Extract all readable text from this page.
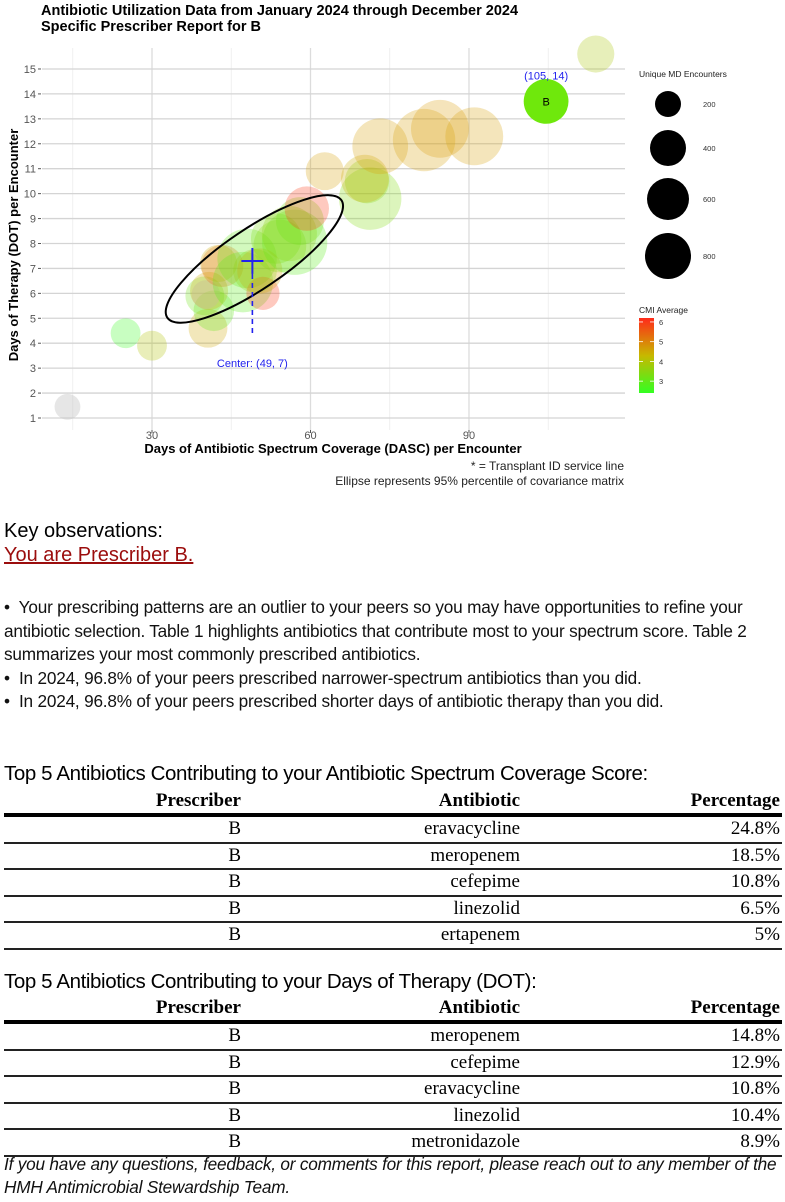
Antibiotic Utilization Data from January 2024 through December 2024
Specific Prescriber Report for B
1
2
3
4
5
6
7
8
9
10
11
12
13
14
15
30	60	90
Center: (49, 7)
B
(105, 14)
Days of Therapy (DOT) per Encounter
Days of Antibiotic Spectrum Coverage (DASC) per Encounter
* = Transplant ID service line
Ellipse represents 95% percentile of covariance matrix
Unique MD Encounters
200
400
600
800
CMI Average
3
4
5
6
Key observations:
You are Prescriber B.

• Your prescribing patterns are an outlier to your peers so you may have opportunities to refine your antibiotic selection. Table 1 highlights antibiotics that contribute most to your spectrum score. Table 2 summarizes your most commonly prescribed antibiotics.

• In 2024, 96.8% of your peers prescribed narrower-spectrum antibiotics than you did.

• In 2024, 96.8% of your peers prescribed shorter days of antibiotic therapy than you did.

Top 5 Antibiotics Contributing to your Antibiotic Spectrum Coverage Score:
Prescriber	Antibiotic	Percentage
B	eravacycline	24.8%
B	meropenem	18.5%
B	cefepime	10.8%
B	linezolid	6.5%
B	ertapenem	5%
Top 5 Antibiotics Contributing to your Days of Therapy (DOT):
Prescriber	Antibiotic	Percentage
B	meropenem	14.8%
B	cefepime	12.9%
B	eravacycline	10.8%
B	linezolid	10.4%
B	metronidazole	8.9%
If you have any questions, feedback, or comments for this report, please reach out to any member of the HMH Antimicrobial Stewardship Team.
